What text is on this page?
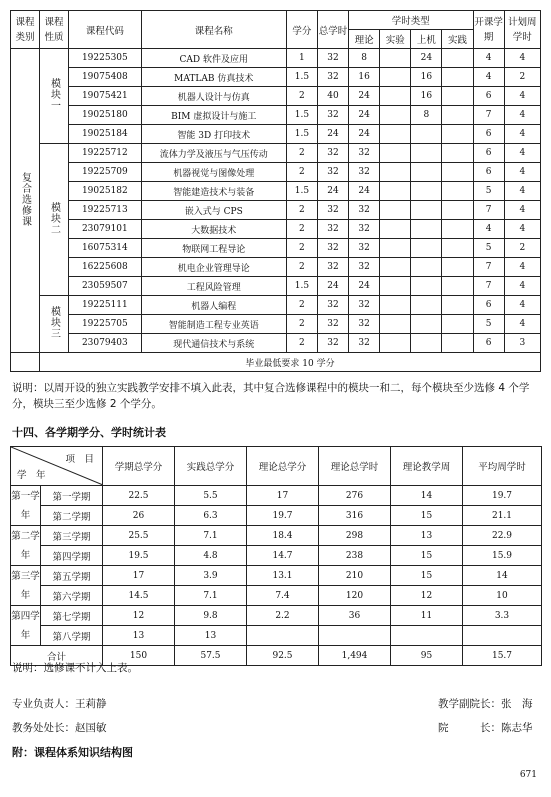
课程类别	课程性质	课程代码	课程名称	学分	总学时	学时类型				开课学期	计划周学时
						理论	实验	上机	实践		
复合选修课	模块一	19225305	CAD 软件及应用	1	32	8		24		4	4
		19075408	MATLAB 仿真技术	1.5	32	16		16		4	2
		19075421	机器人设计与仿真	2	40	24		16		6	4
		19025180	BIM 虚拟设计与施工	1.5	32	24		8		7	4
		19025184	智能 3D 打印技术	1.5	24	24				6	4
	模块二	19225712	流体力学及液压与气压传动	2	32	32				6	4
		19225709	机器视觉与图像处理	2	32	32				6	4
		19025182	智能建造技术与装备	1.5	24	24				5	4
		19225713	嵌入式与 CPS	2	32	32				7	4
		23079101	大数据技术	2	32	32				4	4
		16075314	物联网工程导论	2	32	32				5	2
		16225608	机电企业管理导论	2	32	32				7	4
		23059507	工程风险管理	1.5	24	24				7	4
	模块三	19225111	机器人编程	2	32	32				6	4
		19225705	智能制造工程专业英语	2	32	32				5	4
		23079403	现代通信技术与系统	2	32	32				6	3
	毕业最低要求 10 学分										
说明：以周开设的独立实践教学安排不填入此表，其中复合选修课程中的模块一和二，每个模块至少选修 4 个学分，模块三至少选修 2 个学分。
十四、各学期学分、学时统计表
项　目
学　年		学期总学分	实践总学分	理论总学分	理论总学时	理论教学周	平均周学时
第一学年	第一学期	22.5	5.5	17	276	14	19.7
	第二学期	26	6.3	19.7	316	15	21.1
第二学年	第三学期	25.5	7.1	18.4	298	13	22.9
	第四学期	19.5	4.8	14.7	238	15	15.9
第三学年	第五学期	17	3.9	13.1	210	15	14
	第六学期	14.5	7.1	7.4	120	12	10
第四学年	第七学期	12	9.8	2.2	36	11	3.3
	第八学期	13	13				
合计		150	57.5	92.5	1,494	95	15.7
说明：选修课不计入上表。
专业负责人：王莉静	教学副院长：张　海
教务处处长：赵国敏	院　　　长：陈志华
附：课程体系知识结构图
671
